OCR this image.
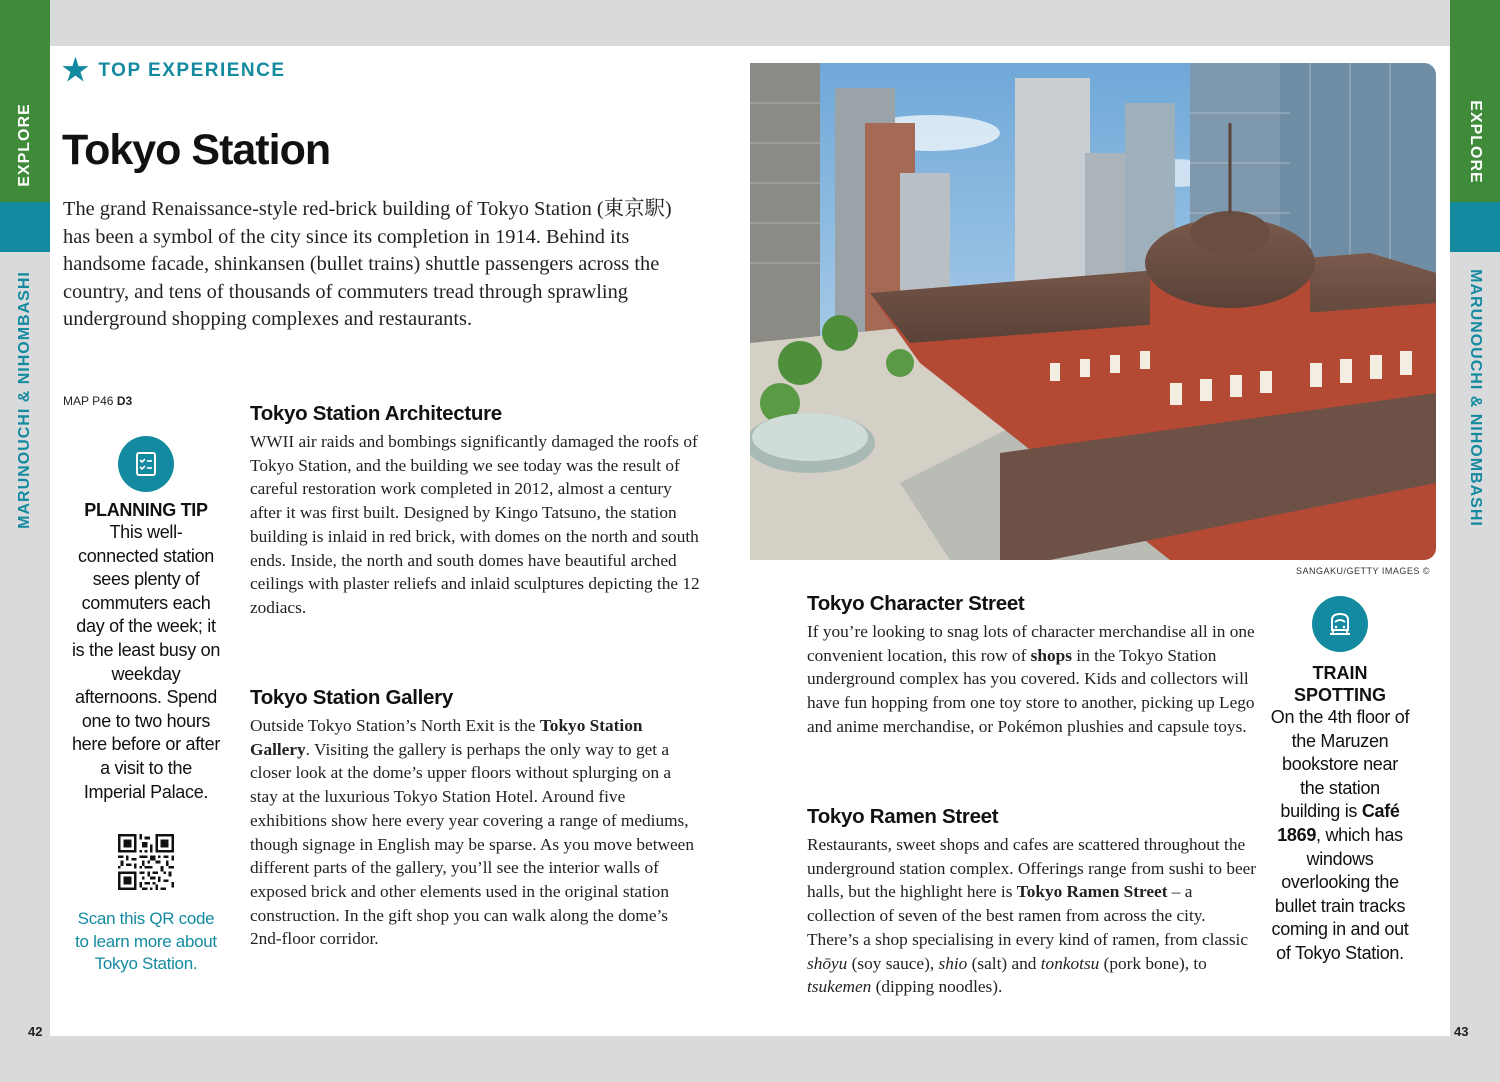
EXPLORE
MARUNOUCHI & NIHOMBASHI
EXPLORE
MARUNOUCHI & NIHOMBASHI
42	43
★ TOP EXPERIENCE
Tokyo Station

The grand Renaissance-style red-brick building of Tokyo Station (東京駅) has been a symbol of the city since its completion in 1914. Behind its handsome facade, shinkansen (bullet trains) shuttle passengers across the country, and tens of thousands of commuters tread through sprawling underground shopping complexes and restaurants.

MAP P46 D3
PLANNING TIP
This well-connected station sees plenty of commuters each day of the week; it is the least busy on weekday afternoons. Spend one to two hours here before or after a visit to the Imperial Palace.
Scan this QR code to learn more about Tokyo Station.
Tokyo Station Architecture

WWII air raids and bombings significantly damaged the roofs of Tokyo Station, and the building we see today was the result of careful restoration work completed in 2012, almost a century after it was first built. Designed by Kingo Tatsuno, the station building is inlaid in red brick, with domes on the north and south ends. Inside, the north and south domes have beautiful arched ceilings with plaster reliefs and inlaid sculptures depicting the 12 zodiacs.

Tokyo Station Gallery

Outside Tokyo Station’s North Exit is the Tokyo Station Gallery. Visiting the gallery is perhaps the only way to get a closer look at the dome’s upper floors without splurging on a stay at the luxurious Tokyo Station Hotel. Around five exhibitions show here every year covering a range of mediums, though signage in English may be sparse. As you move between different parts of the gallery, you’ll see the interior walls of exposed brick and other elements used in the original station construction. In the gift shop you can walk along the dome’s 2nd-floor corridor.

SANGAKU/GETTY IMAGES ©
Tokyo Character Street

If you’re looking to snag lots of character merchandise all in one convenient location, this row of shops in the Tokyo Station underground complex has you covered. Kids and collectors will have fun hopping from one toy store to another, picking up Lego and anime merchandise, or Pokémon plushies and capsule toys.

Tokyo Ramen Street

Restaurants, sweet shops and cafes are scattered throughout the underground station complex. Offerings range from sushi to beer halls, but the highlight here is Tokyo Ramen Street – a collection of seven of the best ramen from across the city. There’s a shop specialising in every kind of ramen, from classic shōyu (soy sauce), shio (salt) and tonkotsu (pork bone), to tsukemen (dipping noodles).

TRAIN SPOTTING
On the 4th floor of the Maruzen bookstore near the station building is Café 1869, which has windows overlooking the bullet train tracks coming in and out of Tokyo Station.
